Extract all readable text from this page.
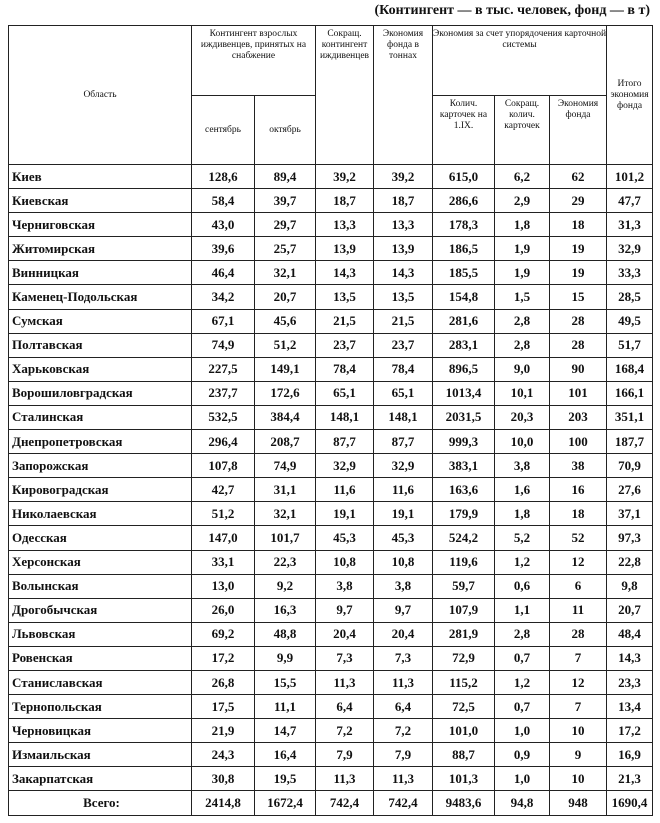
(Контингент — в тыс. человек, фонд — в т)
Область	Контингент взрослых иждивенцев, принятых на снабжение		Сокращ. контингент иждивенцев	Экономия фонда в тоннах	Экономия за счет упорядочения карточной системы			Итого экономия фонда
	сентябрь	октябрь			Колич. карточек на 1.IX.	Сокращ. колич. карточек	Экономия фонда	
Киев	128,6	89,4	39,2	39,2	615,0	6,2	62	101,2
Киевская	58,4	39,7	18,7	18,7	286,6	2,9	29	47,7
Черниговская	43,0	29,7	13,3	13,3	178,3	1,8	18	31,3
Житомирская	39,6	25,7	13,9	13,9	186,5	1,9	19	32,9
Винницкая	46,4	32,1	14,3	14,3	185,5	1,9	19	33,3
Каменец-Подольская	34,2	20,7	13,5	13,5	154,8	1,5	15	28,5
Сумская	67,1	45,6	21,5	21,5	281,6	2,8	28	49,5
Полтавская	74,9	51,2	23,7	23,7	283,1	2,8	28	51,7
Харьковская	227,5	149,1	78,4	78,4	896,5	9,0	90	168,4
Ворошиловградская	237,7	172,6	65,1	65,1	1013,4	10,1	101	166,1
Сталинская	532,5	384,4	148,1	148,1	2031,5	20,3	203	351,1
Днепропетровская	296,4	208,7	87,7	87,7	999,3	10,0	100	187,7
Запорожская	107,8	74,9	32,9	32,9	383,1	3,8	38	70,9
Кировоградская	42,7	31,1	11,6	11,6	163,6	1,6	16	27,6
Николаевская	51,2	32,1	19,1	19,1	179,9	1,8	18	37,1
Одесская	147,0	101,7	45,3	45,3	524,2	5,2	52	97,3
Херсонская	33,1	22,3	10,8	10,8	119,6	1,2	12	22,8
Волынская	13,0	9,2	3,8	3,8	59,7	0,6	6	9,8
Дрогобычская	26,0	16,3	9,7	9,7	107,9	1,1	11	20,7
Львовская	69,2	48,8	20,4	20,4	281,9	2,8	28	48,4
Ровенская	17,2	9,9	7,3	7,3	72,9	0,7	7	14,3
Станиславская	26,8	15,5	11,3	11,3	115,2	1,2	12	23,3
Тернопольская	17,5	11,1	6,4	6,4	72,5	0,7	7	13,4
Черновицкая	21,9	14,7	7,2	7,2	101,0	1,0	10	17,2
Измаильская	24,3	16,4	7,9	7,9	88,7	0,9	9	16,9
Закарпатская	30,8	19,5	11,3	11,3	101,3	1,0	10	21,3
Всего:	2414,8	1672,4	742,4	742,4	9483,6	94,8	948	1690,4
